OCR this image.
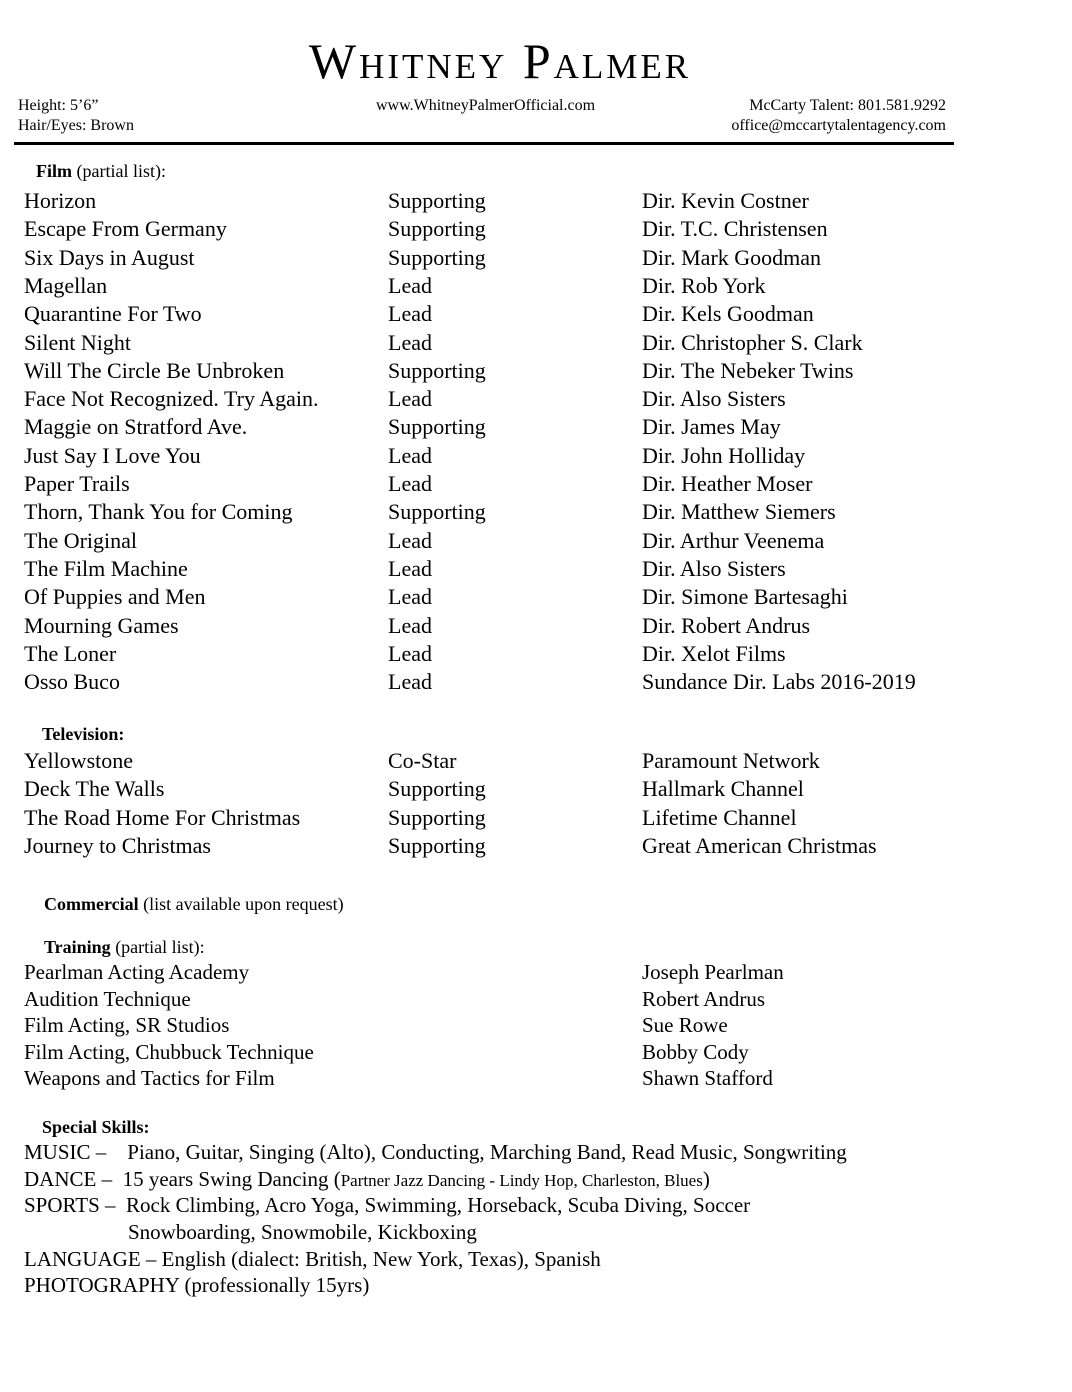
Whitney Palmer
Height: 5’6”
Hair/Eyes: Brown
www.WhitneyPalmerOfficial.com	McCarty Talent: 801.581.9292
office@mccartytalentagency.com
Film (partial list):
Horizon	Supporting	Dir. Kevin Costner
Escape From Germany	Supporting	Dir. T.C. Christensen
Six Days in August	Supporting	Dir. Mark Goodman
Magellan	Lead	Dir. Rob York
Quarantine For Two	Lead	Dir. Kels Goodman
Silent Night	Lead	Dir. Christopher S. Clark
Will The Circle Be Unbroken	Supporting	Dir. The Nebeker Twins
Face Not Recognized. Try Again.	Lead	Dir. Also Sisters
Maggie on Stratford Ave.	Supporting	Dir. James May
Just Say I Love You	Lead	Dir. John Holliday
Paper Trails	Lead	Dir. Heather Moser
Thorn, Thank You for Coming	Supporting	Dir. Matthew Siemers
The Original	Lead	Dir. Arthur Veenema
The Film Machine	Lead	Dir. Also Sisters
Of Puppies and Men	Lead	Dir. Simone Bartesaghi
Mourning Games	Lead	Dir. Robert Andrus
The Loner	Lead	Dir. Xelot Films
Osso Buco	Lead	Sundance Dir. Labs 2016-2019
Television:
Yellowstone	Co-Star	Paramount Network
Deck The Walls	Supporting	Hallmark Channel
The Road Home For Christmas	Supporting	Lifetime Channel
Journey to Christmas	Supporting	Great American Christmas
Commercial (list available upon request)
Training (partial list):
Pearlman Acting Academy	Joseph Pearlman
Audition Technique	Robert Andrus
Film Acting, SR Studios	Sue Rowe
Film Acting, Chubbuck Technique	Bobby Cody
Weapons and Tactics for Film	Shawn Stafford
Special Skills:
MUSIC – Piano, Guitar, Singing (Alto), Conducting, Marching Band, Read Music, Songwriting
DANCE – 15 years Swing Dancing (Partner Jazz Dancing - Lindy Hop, Charleston, Blues)
SPORTS – Rock Climbing, Acro Yoga, Swimming, Horseback, Scuba Diving, Soccer
Snowboarding, Snowmobile, Kickboxing
LANGUAGE – English (dialect: British, New York, Texas), Spanish
PHOTOGRAPHY (professionally 15yrs)
